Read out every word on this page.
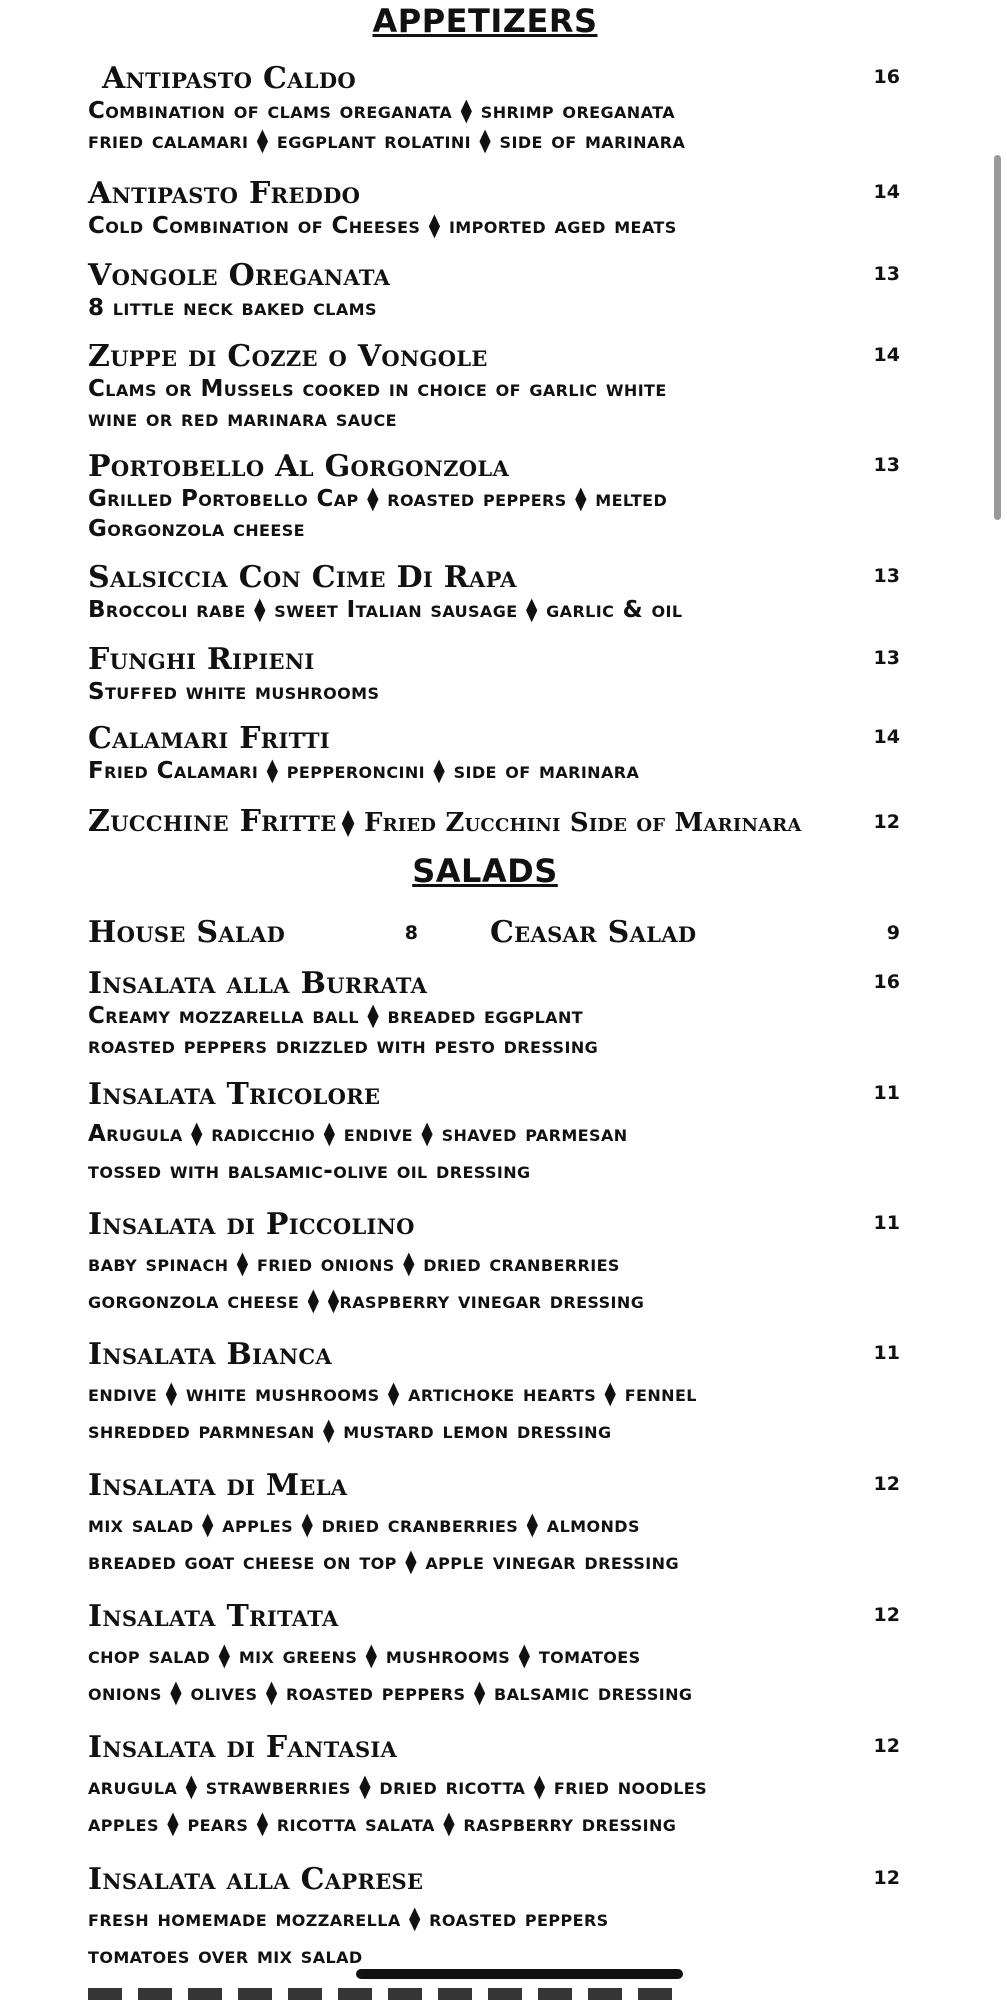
APPETIZERS
Antipasto Caldo	16
Combination of clams oreganata ⧫ shrimp oreganata
fried calamari ⧫ eggplant rolatini ⧫ side of marinara
Antipasto Freddo	14
Cold Combination of Cheeses ⧫ imported aged meats
Vongole Oreganata	13
8 little neck baked clams
Zuppe di Cozze o Vongole	14
Clams or Mussels cooked in choice of garlic white
wine or red marinara sauce
Portobello Al Gorgonzola	13
Grilled Portobello Cap ⧫ roasted peppers ⧫ melted
Gorgonzola cheese
Salsiccia Con Cime Di Rapa	13
Broccoli rabe ⧫ sweet Italian sausage ⧫ garlic & oil
Funghi Ripieni	13
Stuffed white mushrooms
Calamari Fritti	14
Fried Calamari ⧫ pepperoncini ⧫ side of marinara
Zucchine Fritte ⧫ Fried Zucchini Side of Marinara	12
SALADS
House Salad	8 Ceasar Salad	9
Insalata alla Burrata	16
Creamy mozzarella ball ⧫ breaded eggplant
roasted peppers drizzled with pesto dressing
Insalata Tricolore	11
Arugula ⧫ radicchio ⧫ endive ⧫ shaved parmesan
tossed with balsamic-olive oil dressing
Insalata di Piccolino	11
baby spinach ⧫ fried onions ⧫ dried cranberries
gorgonzola cheese ⧫ ⧫raspberry vinegar dressing
Insalata Bianca	11
endive ⧫ white mushrooms ⧫ artichoke hearts ⧫ fennel
shredded parmnesan ⧫ mustard lemon dressing
Insalata di Mela	12
mix salad ⧫ apples ⧫ dried cranberries ⧫ almonds
breaded goat cheese on top ⧫ apple vinegar dressing
Insalata Tritata	12
chop salad ⧫ mix greens ⧫ mushrooms ⧫ tomatoes
onions ⧫ olives ⧫ roasted peppers ⧫ balsamic dressing
Insalata di Fantasia	12
arugula ⧫ strawberries ⧫ dried ricotta ⧫ fried noodles
apples ⧫ pears ⧫ ricotta salata ⧫ raspberry dressing
Insalata alla Caprese	12
fresh homemade mozzarella ⧫ roasted peppers
tomatoes over mix salad
